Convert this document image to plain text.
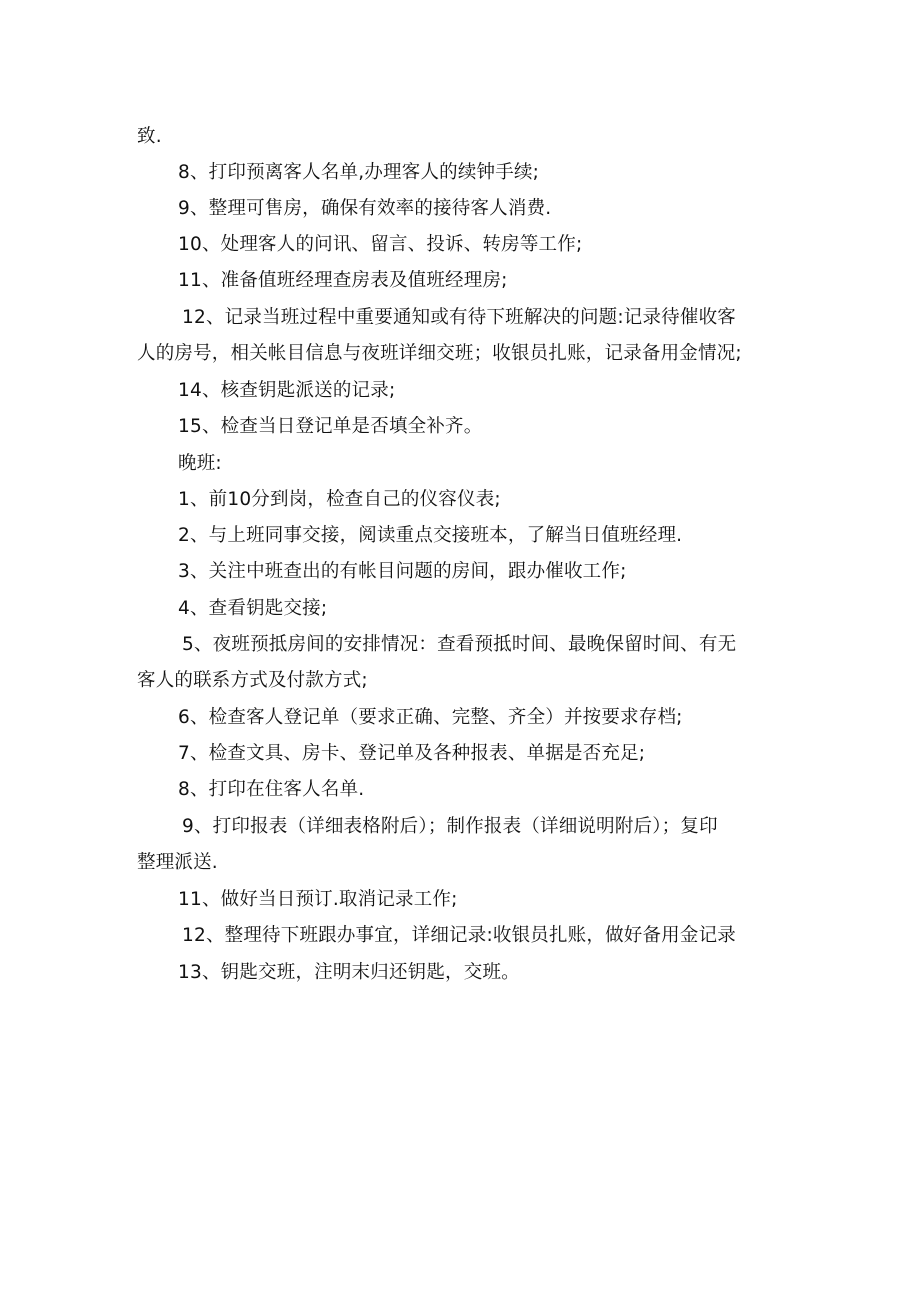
致.
8、打印预离客人名单,办理客人的续钟手续;
9、整理可售房，确保有效率的接待客人消费.
10、处理客人的问讯、留言、投诉、转房等工作;
11、准备值班经理查房表及值班经理房;
12、记录当班过程中重要通知或有待下班解决的问题:记录待催收客
人的房号，相关帐目信息与夜班详细交班；收银员扎账，记录备用金情况;
14、核查钥匙派送的记录;
15、检查当日登记单是否填全补齐。
晚班:
1、前10分到岗，检查自己的仪容仪表;
2、与上班同事交接，阅读重点交接班本，了解当日值班经理.
3、关注中班查出的有帐目问题的房间，跟办催收工作;
4、查看钥匙交接;
5、夜班预抵房间的安排情况：查看预抵时间、最晚保留时间、有无
客人的联系方式及付款方式;
6、检查客人登记单（要求正确、完整、齐全）并按要求存档;
7、检查文具、房卡、登记单及各种报表、单据是否充足;
8、打印在住客人名单.
9、打印报表（详细表格附后）；制作报表（详细说明附后）；复印
整理派送.
11、做好当日预订.取消记录工作;
12、整理待下班跟办事宜，详细记录:收银员扎账，做好备用金记录
13、钥匙交班，注明末归还钥匙，交班。
